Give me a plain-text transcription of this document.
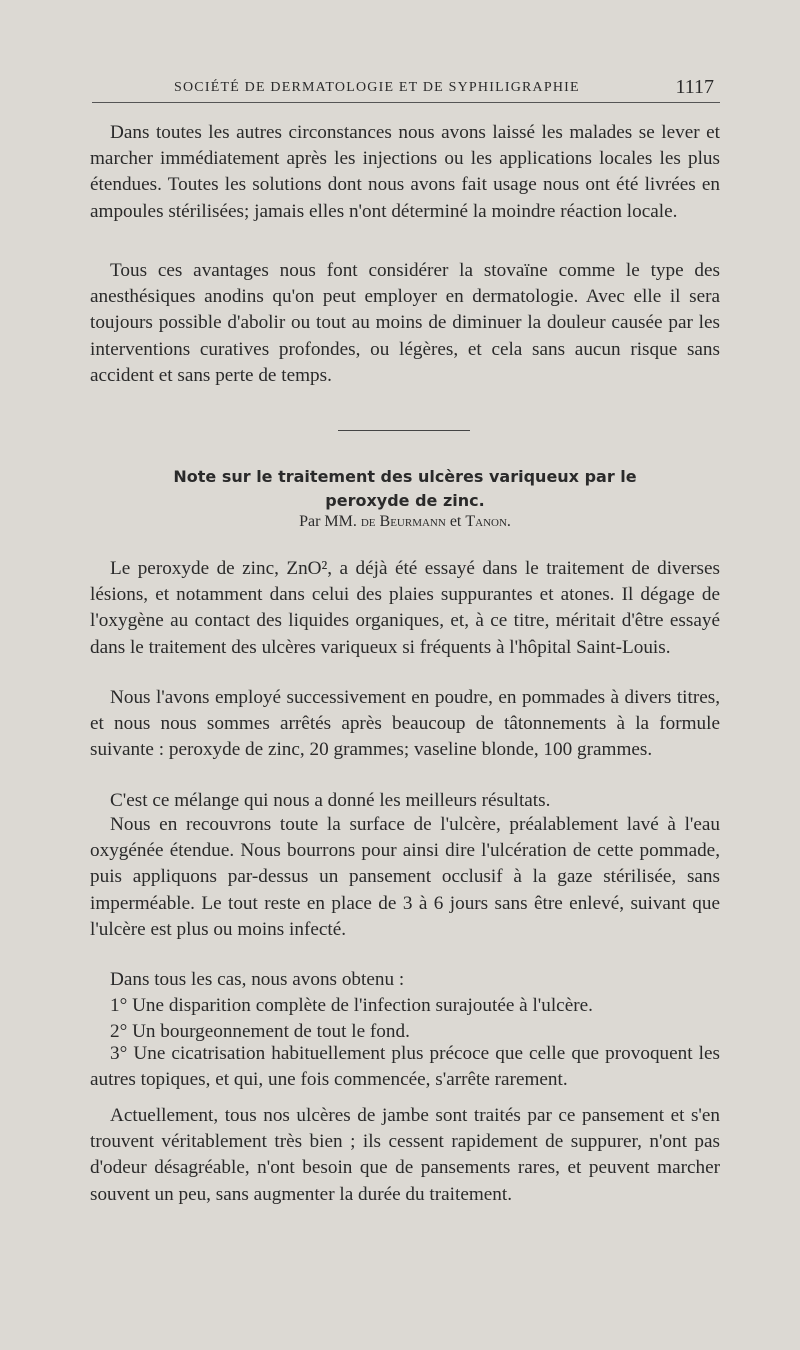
SOCIÉTÉ DE DERMATOLOGIE ET DE SYPHILIGRAPHIE	1117

Dans toutes les autres circonstances nous avons laissé les malades se lever et marcher immédiatement après les injections ou les applications locales les plus étendues. Toutes les solutions dont nous avons fait usage nous ont été livrées en ampoules stérilisées; jamais elles n'ont déterminé la moindre réaction locale.

Tous ces avantages nous font considérer la stovaïne comme le type des anesthésiques anodins qu'on peut employer en dermatologie. Avec elle il sera toujours possible d'abolir ou tout au moins de diminuer la douleur causée par les interventions curatives profondes, ou légères, et cela sans aucun risque sans accident et sans perte de temps.

Note sur le traitement des ulcères variqueux par le peroxyde de zinc.
Par MM. de Beurmann et Tanon.

Le peroxyde de zinc, ZnO², a déjà été essayé dans le traitement de diverses lésions, et notamment dans celui des plaies suppurantes et atones. Il dégage de l'oxygène au contact des liquides organiques, et, à ce titre, méritait d'être essayé dans le traitement des ulcères variqueux si fréquents à l'hôpital Saint-Louis.

Nous l'avons employé successivement en poudre, en pommades à divers titres, et nous nous sommes arrêtés après beaucoup de tâtonnements à la formule suivante : peroxyde de zinc, 20 grammes; vaseline blonde, 100 grammes.

C'est ce mélange qui nous a donné les meilleurs résultats.

Nous en recouvrons toute la surface de l'ulcère, préalablement lavé à l'eau oxygénée étendue. Nous bourrons pour ainsi dire l'ulcération de cette pommade, puis appliquons par-dessus un pansement occlusif à la gaze stérilisée, sans imperméable. Le tout reste en place de 3 à 6 jours sans être enlevé, suivant que l'ulcère est plus ou moins infecté.

Dans tous les cas, nous avons obtenu :

1° Une disparition complète de l'infection surajoutée à l'ulcère.

2° Un bourgeonnement de tout le fond.

3° Une cicatrisation habituellement plus précoce que celle que provoquent les autres topiques, et qui, une fois commencée, s'arrête rarement.

Actuellement, tous nos ulcères de jambe sont traités par ce pansement et s'en trouvent véritablement très bien ; ils cessent rapidement de suppurer, n'ont pas d'odeur désagréable, n'ont besoin que de pansements rares, et peuvent marcher souvent un peu, sans augmenter la durée du traitement.
